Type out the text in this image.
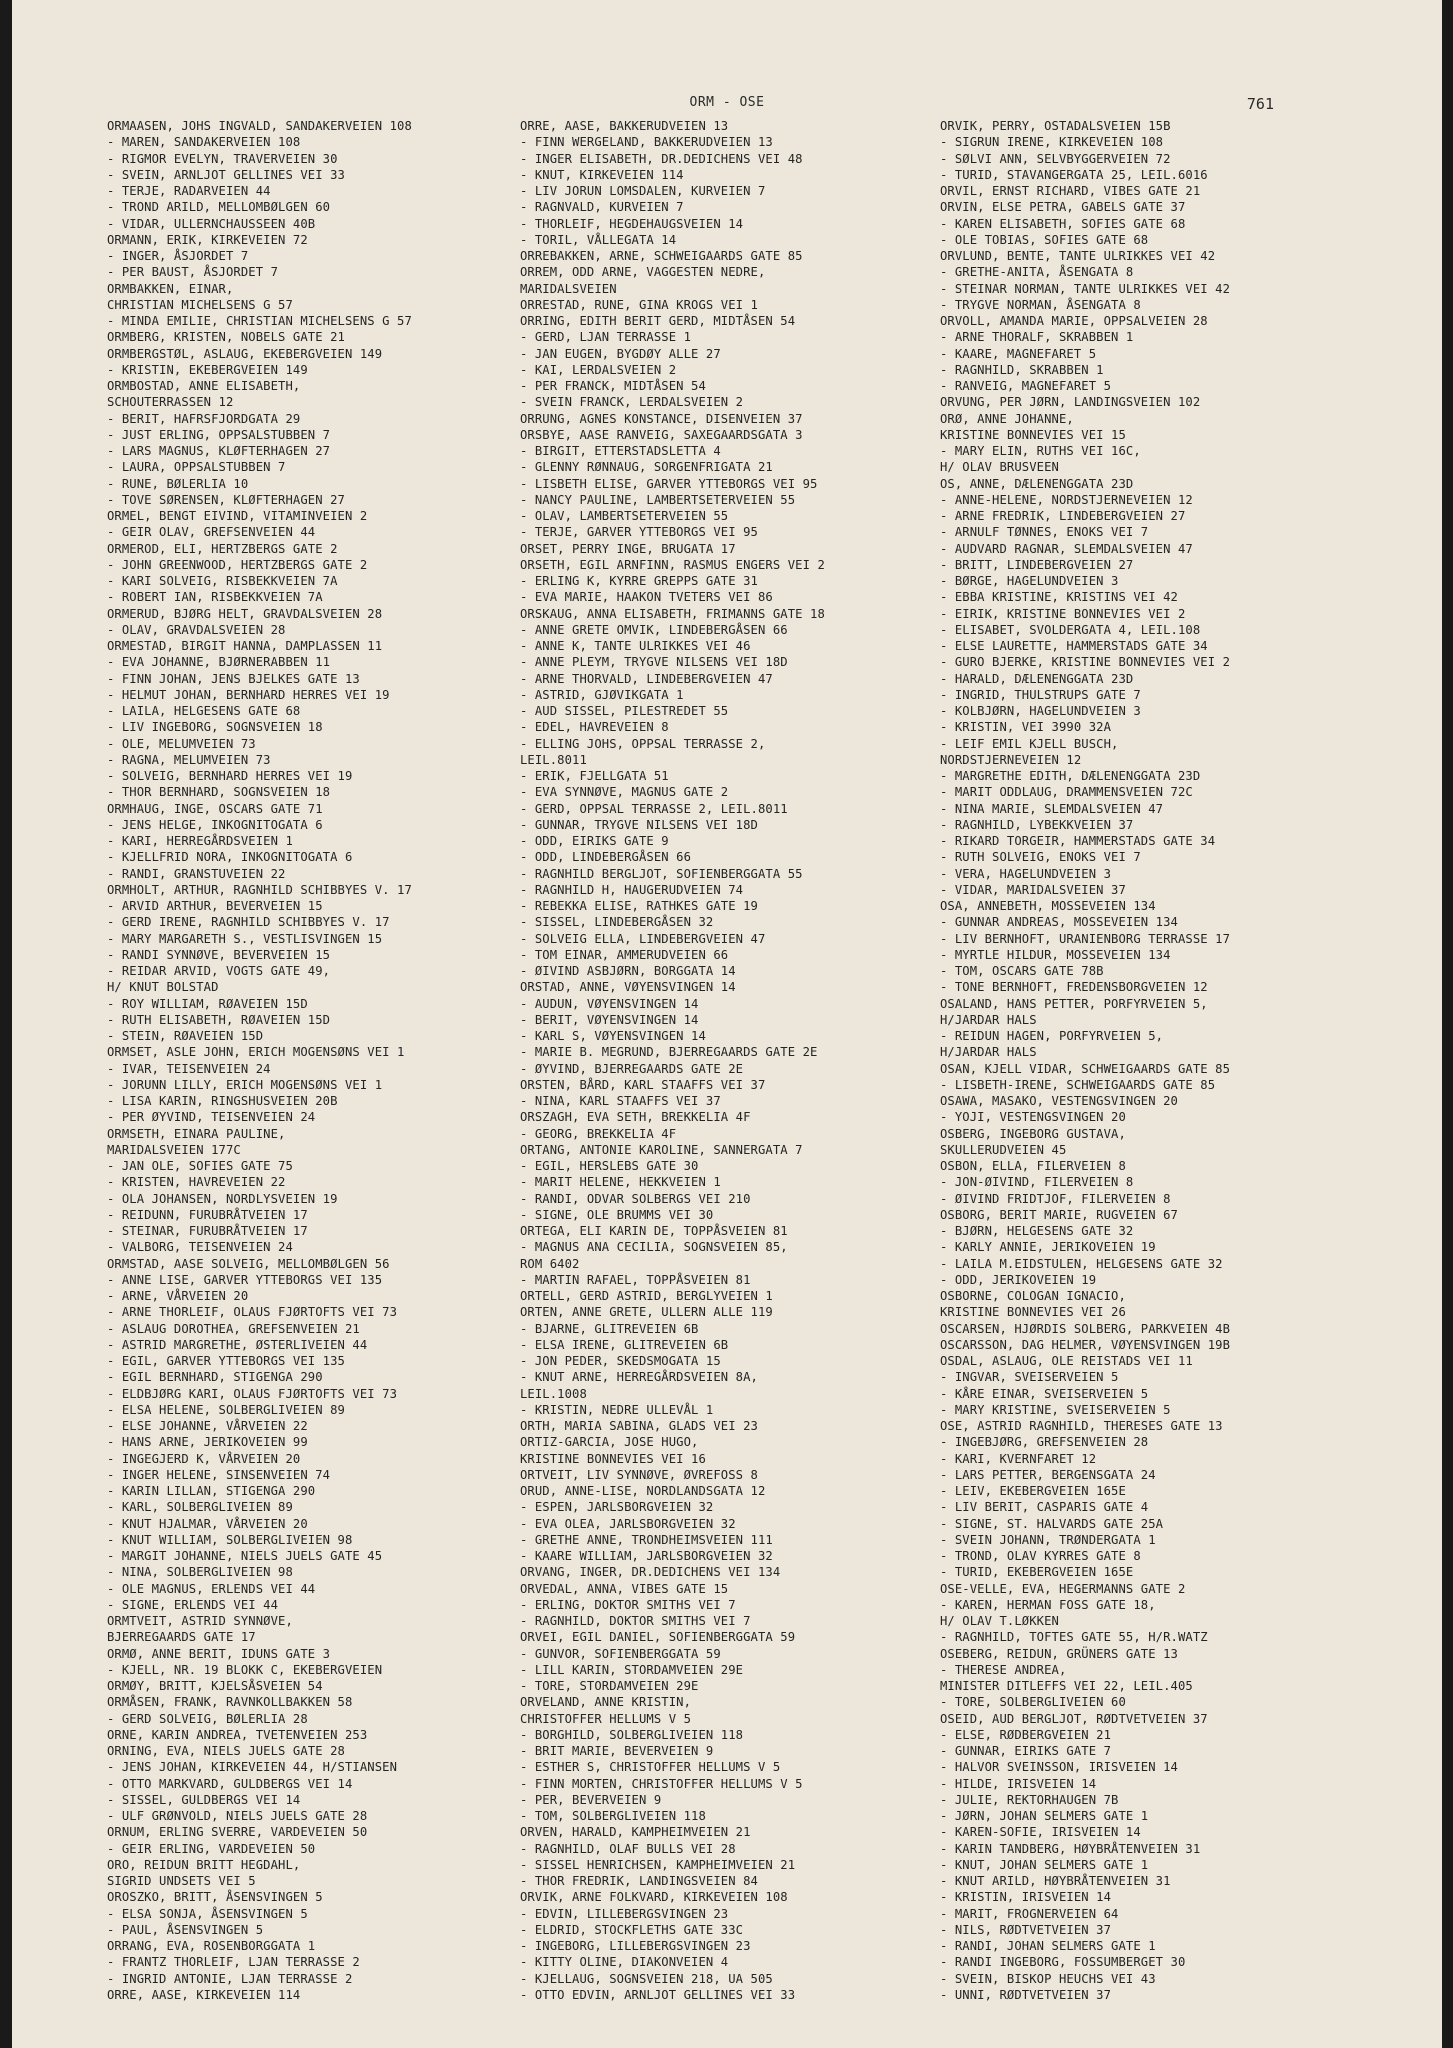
ORM - OSE	761
ORMAASEN, JOHS INGVALD, SANDAKERVEIEN 108
- MAREN, SANDAKERVEIEN 108
- RIGMOR EVELYN, TRAVERVEIEN 30
- SVEIN, ARNLJOT GELLINES VEI 33
- TERJE, RADARVEIEN 44
- TROND ARILD, MELLOMBØLGEN 60
- VIDAR, ULLERNCHAUSSEEN 40B
ORMANN, ERIK, KIRKEVEIEN 72
- INGER, ÅSJORDET 7
- PER BAUST, ÅSJORDET 7
ORMBAKKEN, EINAR,
CHRISTIAN MICHELSENS G 57
- MINDA EMILIE, CHRISTIAN MICHELSENS G 57
ORMBERG, KRISTEN, NOBELS GATE 21
ORMBERGSTØL, ASLAUG, EKEBERGVEIEN 149
- KRISTIN, EKEBERGVEIEN 149
ORMBOSTAD, ANNE ELISABETH,
SCHOUTERRASSEN 12
- BERIT, HAFRSFJORDGATA 29
- JUST ERLING, OPPSALSTUBBEN 7
- LARS MAGNUS, KLØFTERHAGEN 27
- LAURA, OPPSALSTUBBEN 7
- RUNE, BØLERLIA 10
- TOVE SØRENSEN, KLØFTERHAGEN 27
ORMEL, BENGT EIVIND, VITAMINVEIEN 2
- GEIR OLAV, GREFSENVEIEN 44
ORMEROD, ELI, HERTZBERGS GATE 2
- JOHN GREENWOOD, HERTZBERGS GATE 2
- KARI SOLVEIG, RISBEKKVEIEN 7A
- ROBERT IAN, RISBEKKVEIEN 7A
ORMERUD, BJØRG HELT, GRAVDALSVEIEN 28
- OLAV, GRAVDALSVEIEN 28
ORMESTAD, BIRGIT HANNA, DAMPLASSEN 11
- EVA JOHANNE, BJØRNERABBEN 11
- FINN JOHAN, JENS BJELKES GATE 13
- HELMUT JOHAN, BERNHARD HERRES VEI 19
- LAILA, HELGESENS GATE 68
- LIV INGEBORG, SOGNSVEIEN 18
- OLE, MELUMVEIEN 73
- RAGNA, MELUMVEIEN 73
- SOLVEIG, BERNHARD HERRES VEI 19
- THOR BERNHARD, SOGNSVEIEN 18
ORMHAUG, INGE, OSCARS GATE 71
- JENS HELGE, INKOGNITOGATA 6
- KARI, HERREGÅRDSVEIEN 1
- KJELLFRID NORA, INKOGNITOGATA 6
- RANDI, GRANSTUVEIEN 22
ORMHOLT, ARTHUR, RAGNHILD SCHIBBYES V. 17
- ARVID ARTHUR, BEVERVEIEN 15
- GERD IRENE, RAGNHILD SCHIBBYES V. 17
- MARY MARGARETH S., VESTLISVINGEN 15
- RANDI SYNNØVE, BEVERVEIEN 15
- REIDAR ARVID, VOGTS GATE 49,
H/ KNUT BOLSTAD
- ROY WILLIAM, RØAVEIEN 15D
- RUTH ELISABETH, RØAVEIEN 15D
- STEIN, RØAVEIEN 15D
ORMSET, ASLE JOHN, ERICH MOGENSØNS VEI 1
- IVAR, TEISENVEIEN 24
- JORUNN LILLY, ERICH MOGENSØNS VEI 1
- LISA KARIN, RINGSHUSVEIEN 20B
- PER ØYVIND, TEISENVEIEN 24
ORMSETH, EINARA PAULINE,
MARIDALSVEIEN 177C
- JAN OLE, SOFIES GATE 75
- KRISTEN, HAVREVEIEN 22
- OLA JOHANSEN, NORDLYSVEIEN 19
- REIDUNN, FURUBRÅTVEIEN 17
- STEINAR, FURUBRÅTVEIEN 17
- VALBORG, TEISENVEIEN 24
ORMSTAD, AASE SOLVEIG, MELLOMBØLGEN 56
- ANNE LISE, GARVER YTTEBORGS VEI 135
- ARNE, VÅRVEIEN 20
- ARNE THORLEIF, OLAUS FJØRTOFTS VEI 73
- ASLAUG DOROTHEA, GREFSENVEIEN 21
- ASTRID MARGRETHE, ØSTERLIVEIEN 44
- EGIL, GARVER YTTEBORGS VEI 135
- EGIL BERNHARD, STIGENGA 290
- ELDBJØRG KARI, OLAUS FJØRTOFTS VEI 73
- ELSA HELENE, SOLBERGLIVEIEN 89
- ELSE JOHANNE, VÅRVEIEN 22
- HANS ARNE, JERIKOVEIEN 99
- INGEGJERD K, VÅRVEIEN 20
- INGER HELENE, SINSENVEIEN 74
- KARIN LILLAN, STIGENGA 290
- KARL, SOLBERGLIVEIEN 89
- KNUT HJALMAR, VÅRVEIEN 20
- KNUT WILLIAM, SOLBERGLIVEIEN 98
- MARGIT JOHANNE, NIELS JUELS GATE 45
- NINA, SOLBERGLIVEIEN 98
- OLE MAGNUS, ERLENDS VEI 44
- SIGNE, ERLENDS VEI 44
ORMTVEIT, ASTRID SYNNØVE,
BJERREGAARDS GATE 17
ORMØ, ANNE BERIT, IDUNS GATE 3
- KJELL, NR. 19 BLOKK C, EKEBERGVEIEN
ORMØY, BRITT, KJELSÅSVEIEN 54
ORMÅSEN, FRANK, RAVNKOLLBAKKEN 58
- GERD SOLVEIG, BØLERLIA 28
ORNE, KARIN ANDREA, TVETENVEIEN 253
ORNING, EVA, NIELS JUELS GATE 28
- JENS JOHAN, KIRKEVEIEN 44, H/STIANSEN
- OTTO MARKVARD, GULDBERGS VEI 14
- SISSEL, GULDBERGS VEI 14
- ULF GRØNVOLD, NIELS JUELS GATE 28
ORNUM, ERLING SVERRE, VARDEVEIEN 50
- GEIR ERLING, VARDEVEIEN 50
ORO, REIDUN BRITT HEGDAHL,
SIGRID UNDSETS VEI 5
OROSZKO, BRITT, ÅSENSVINGEN 5
- ELSA SONJA, ÅSENSVINGEN 5
- PAUL, ÅSENSVINGEN 5
ORRANG, EVA, ROSENBORGGATA 1
- FRANTZ THORLEIF, LJAN TERRASSE 2
- INGRID ANTONIE, LJAN TERRASSE 2
ORRE, AASE, KIRKEVEIEN 114
ORRE, AASE, BAKKERUDVEIEN 13
- FINN WERGELAND, BAKKERUDVEIEN 13
- INGER ELISABETH, DR.DEDICHENS VEI 48
- KNUT, KIRKEVEIEN 114
- LIV JORUN LOMSDALEN, KURVEIEN 7
- RAGNVALD, KURVEIEN 7
- THORLEIF, HEGDEHAUGSVEIEN 14
- TORIL, VÅLLEGATA 14
ORREBAKKEN, ARNE, SCHWEIGAARDS GATE 85
ORREM, ODD ARNE, VAGGESTEN NEDRE,
MARIDALSVEIEN
ORRESTAD, RUNE, GINA KROGS VEI 1
ORRING, EDITH BERIT GERD, MIDTÅSEN 54
- GERD, LJAN TERRASSE 1
- JAN EUGEN, BYGDØY ALLE 27
- KAI, LERDALSVEIEN 2
- PER FRANCK, MIDTÅSEN 54
- SVEIN FRANCK, LERDALSVEIEN 2
ORRUNG, AGNES KONSTANCE, DISENVEIEN 37
ORSBYE, AASE RANVEIG, SAXEGAARDSGATA 3
- BIRGIT, ETTERSTADSLETTA 4
- GLENNY RØNNAUG, SORGENFRIGATA 21
- LISBETH ELISE, GARVER YTTEBORGS VEI 95
- NANCY PAULINE, LAMBERTSETERVEIEN 55
- OLAV, LAMBERTSETERVEIEN 55
- TERJE, GARVER YTTEBORGS VEI 95
ORSET, PERRY INGE, BRUGATA 17
ORSETH, EGIL ARNFINN, RASMUS ENGERS VEI 2
- ERLING K, KYRRE GREPPS GATE 31
- EVA MARIE, HAAKON TVETERS VEI 86
ORSKAUG, ANNA ELISABETH, FRIMANNS GATE 18
- ANNE GRETE OMVIK, LINDEBERGÅSEN 66
- ANNE K, TANTE ULRIKKES VEI 46
- ANNE PLEYM, TRYGVE NILSENS VEI 18D
- ARNE THORVALD, LINDEBERGVEIEN 47
- ASTRID, GJØVIKGATA 1
- AUD SISSEL, PILESTREDET 55
- EDEL, HAVREVEIEN 8
- ELLING JOHS, OPPSAL TERRASSE 2,
LEIL.8011
- ERIK, FJELLGATA 51
- EVA SYNNØVE, MAGNUS GATE 2
- GERD, OPPSAL TERRASSE 2, LEIL.8011
- GUNNAR, TRYGVE NILSENS VEI 18D
- ODD, EIRIKS GATE 9
- ODD, LINDEBERGÅSEN 66
- RAGNHILD BERGLJOT, SOFIENBERGGATA 55
- RAGNHILD H, HAUGERUDVEIEN 74
- REBEKKA ELISE, RATHKES GATE 19
- SISSEL, LINDEBERGÅSEN 32
- SOLVEIG ELLA, LINDEBERGVEIEN 47
- TOM EINAR, AMMERUDVEIEN 66
- ØIVIND ASBJØRN, BORGGATA 14
ORSTAD, ANNE, VØYENSVINGEN 14
- AUDUN, VØYENSVINGEN 14
- BERIT, VØYENSVINGEN 14
- KARL S, VØYENSVINGEN 14
- MARIE B. MEGRUND, BJERREGAARDS GATE 2E
- ØYVIND, BJERREGAARDS GATE 2E
ORSTEN, BÅRD, KARL STAAFFS VEI 37
- NINA, KARL STAAFFS VEI 37
ORSZAGH, EVA SETH, BREKKELIA 4F
- GEORG, BREKKELIA 4F
ORTANG, ANTONIE KAROLINE, SANNERGATA 7
- EGIL, HERSLEBS GATE 30
- MARIT HELENE, HEKKVEIEN 1
- RANDI, ODVAR SOLBERGS VEI 210
- SIGNE, OLE BRUMMS VEI 30
ORTEGA, ELI KARIN DE, TOPPÅSVEIEN 81
- MAGNUS ANA CECILIA, SOGNSVEIEN 85,
ROM 6402
- MARTIN RAFAEL, TOPPÅSVEIEN 81
ORTELL, GERD ASTRID, BERGLYVEIEN 1
ORTEN, ANNE GRETE, ULLERN ALLE 119
- BJARNE, GLITREVEIEN 6B
- ELSA IRENE, GLITREVEIEN 6B
- JON PEDER, SKEDSMOGATA 15
- KNUT ARNE, HERREGÅRDSVEIEN 8A,
LEIL.1008
- KRISTIN, NEDRE ULLEVÅL 1
ORTH, MARIA SABINA, GLADS VEI 23
ORTIZ-GARCIA, JOSE HUGO,
KRISTINE BONNEVIES VEI 16
ORTVEIT, LIV SYNNØVE, ØVREFOSS 8
ORUD, ANNE-LISE, NORDLANDSGATA 12
- ESPEN, JARLSBORGVEIEN 32
- EVA OLEA, JARLSBORGVEIEN 32
- GRETHE ANNE, TRONDHEIMSVEIEN 111
- KAARE WILLIAM, JARLSBORGVEIEN 32
ORVANG, INGER, DR.DEDICHENS VEI 134
ORVEDAL, ANNA, VIBES GATE 15
- ERLING, DOKTOR SMITHS VEI 7
- RAGNHILD, DOKTOR SMITHS VEI 7
ORVEI, EGIL DANIEL, SOFIENBERGGATA 59
- GUNVOR, SOFIENBERGGATA 59
- LILL KARIN, STORDAMVEIEN 29E
- TORE, STORDAMVEIEN 29E
ORVELAND, ANNE KRISTIN,
CHRISTOFFER HELLUMS V 5
- BORGHILD, SOLBERGLIVEIEN 118
- BRIT MARIE, BEVERVEIEN 9
- ESTHER S, CHRISTOFFER HELLUMS V 5
- FINN MORTEN, CHRISTOFFER HELLUMS V 5
- PER, BEVERVEIEN 9
- TOM, SOLBERGLIVEIEN 118
ORVEN, HARALD, KAMPHEIMVEIEN 21
- RAGNHILD, OLAF BULLS VEI 28
- SISSEL HENRICHSEN, KAMPHEIMVEIEN 21
- THOR FREDRIK, LANDINGSVEIEN 84
ORVIK, ARNE FOLKVARD, KIRKEVEIEN 108
- EDVIN, LILLEBERGSVINGEN 23
- ELDRID, STOCKFLETHS GATE 33C
- INGEBORG, LILLEBERGSVINGEN 23
- KITTY OLINE, DIAKONVEIEN 4
- KJELLAUG, SOGNSVEIEN 218, UA 505
- OTTO EDVIN, ARNLJOT GELLINES VEI 33
ORVIK, PERRY, OSTADALSVEIEN 15B
- SIGRUN IRENE, KIRKEVEIEN 108
- SØLVI ANN, SELVBYGGERVEIEN 72
- TURID, STAVANGERGATA 25, LEIL.6016
ORVIL, ERNST RICHARD, VIBES GATE 21
ORVIN, ELSE PETRA, GABELS GATE 37
- KAREN ELISABETH, SOFIES GATE 68
- OLE TOBIAS, SOFIES GATE 68
ORVLUND, BENTE, TANTE ULRIKKES VEI 42
- GRETHE-ANITA, ÅSENGATA 8
- STEINAR NORMAN, TANTE ULRIKKES VEI 42
- TRYGVE NORMAN, ÅSENGATA 8
ORVOLL, AMANDA MARIE, OPPSALVEIEN 28
- ARNE THORALF, SKRABBEN 1
- KAARE, MAGNEFARET 5
- RAGNHILD, SKRABBEN 1
- RANVEIG, MAGNEFARET 5
ORVUNG, PER JØRN, LANDINGSVEIEN 102
ORØ, ANNE JOHANNE,
KRISTINE BONNEVIES VEI 15
- MARY ELIN, RUTHS VEI 16C,
H/ OLAV BRUSVEEN
OS, ANNE, DÆLENENGGATA 23D
- ANNE-HELENE, NORDSTJERNEVEIEN 12
- ARNE FREDRIK, LINDEBERGVEIEN 27
- ARNULF TØNNES, ENOKS VEI 7
- AUDVARD RAGNAR, SLEMDALSVEIEN 47
- BRITT, LINDEBERGVEIEN 27
- BØRGE, HAGELUNDVEIEN 3
- EBBA KRISTINE, KRISTINS VEI 42
- EIRIK, KRISTINE BONNEVIES VEI 2
- ELISABET, SVOLDERGATA 4, LEIL.108
- ELSE LAURETTE, HAMMERSTADS GATE 34
- GURO BJERKE, KRISTINE BONNEVIES VEI 2
- HARALD, DÆLENENGGATA 23D
- INGRID, THULSTRUPS GATE 7
- KOLBJØRN, HAGELUNDVEIEN 3
- KRISTIN, VEI 3990 32A
- LEIF EMIL KJELL BUSCH,
NORDSTJERNEVEIEN 12
- MARGRETHE EDITH, DÆLENENGGATA 23D
- MARIT ODDLAUG, DRAMMENSVEIEN 72C
- NINA MARIE, SLEMDALSVEIEN 47
- RAGNHILD, LYBEKKVEIEN 37
- RIKARD TORGEIR, HAMMERSTADS GATE 34
- RUTH SOLVEIG, ENOKS VEI 7
- VERA, HAGELUNDVEIEN 3
- VIDAR, MARIDALSVEIEN 37
OSA, ANNEBETH, MOSSEVEIEN 134
- GUNNAR ANDREAS, MOSSEVEIEN 134
- LIV BERNHOFT, URANIENBORG TERRASSE 17
- MYRTLE HILDUR, MOSSEVEIEN 134
- TOM, OSCARS GATE 78B
- TONE BERNHOFT, FREDENSBORGVEIEN 12
OSALAND, HANS PETTER, PORFYRVEIEN 5,
H/JARDAR HALS
- REIDUN HAGEN, PORFYRVEIEN 5,
H/JARDAR HALS
OSAN, KJELL VIDAR, SCHWEIGAARDS GATE 85
- LISBETH-IRENE, SCHWEIGAARDS GATE 85
OSAWA, MASAKO, VESTENGSVINGEN 20
- YOJI, VESTENGSVINGEN 20
OSBERG, INGEBORG GUSTAVA,
SKULLERUDVEIEN 45
OSBON, ELLA, FILERVEIEN 8
- JON-ØIVIND, FILERVEIEN 8
- ØIVIND FRIDTJOF, FILERVEIEN 8
OSBORG, BERIT MARIE, RUGVEIEN 67
- BJØRN, HELGESENS GATE 32
- KARLY ANNIE, JERIKOVEIEN 19
- LAILA M.EIDSTULEN, HELGESENS GATE 32
- ODD, JERIKOVEIEN 19
OSBORNE, COLOGAN IGNACIO,
KRISTINE BONNEVIES VEI 26
OSCARSEN, HJØRDIS SOLBERG, PARKVEIEN 4B
OSCARSSON, DAG HELMER, VØYENSVINGEN 19B
OSDAL, ASLAUG, OLE REISTADS VEI 11
- INGVAR, SVEISERVEIEN 5
- KÅRE EINAR, SVEISERVEIEN 5
- MARY KRISTINE, SVEISERVEIEN 5
OSE, ASTRID RAGNHILD, THERESES GATE 13
- INGEBJØRG, GREFSENVEIEN 28
- KARI, KVERNFARET 12
- LARS PETTER, BERGENSGATA 24
- LEIV, EKEBERGVEIEN 165E
- LIV BERIT, CASPARIS GATE 4
- SIGNE, ST. HALVARDS GATE 25A
- SVEIN JOHANN, TRØNDERGATA 1
- TROND, OLAV KYRRES GATE 8
- TURID, EKEBERGVEIEN 165E
OSE-VELLE, EVA, HEGERMANNS GATE 2
- KAREN, HERMAN FOSS GATE 18,
H/ OLAV T.LØKKEN
- RAGNHILD, TOFTES GATE 55, H/R.WATZ
OSEBERG, REIDUN, GRÜNERS GATE 13
- THERESE ANDREA,
MINISTER DITLEFFS VEI 22, LEIL.405
- TORE, SOLBERGLIVEIEN 60
OSEID, AUD BERGLJOT, RØDTVETVEIEN 37
- ELSE, RØDBERGVEIEN 21
- GUNNAR, EIRIKS GATE 7
- HALVOR SVEINSSON, IRISVEIEN 14
- HILDE, IRISVEIEN 14
- JULIE, REKTORHAUGEN 7B
- JØRN, JOHAN SELMERS GATE 1
- KAREN-SOFIE, IRISVEIEN 14
- KARIN TANDBERG, HØYBRÅTENVEIEN 31
- KNUT, JOHAN SELMERS GATE 1
- KNUT ARILD, HØYBRÅTENVEIEN 31
- KRISTIN, IRISVEIEN 14
- MARIT, FROGNERVEIEN 64
- NILS, RØDTVETVEIEN 37
- RANDI, JOHAN SELMERS GATE 1
- RANDI INGEBORG, FOSSUMBERGET 30
- SVEIN, BISKOP HEUCHS VEI 43
- UNNI, RØDTVETVEIEN 37
